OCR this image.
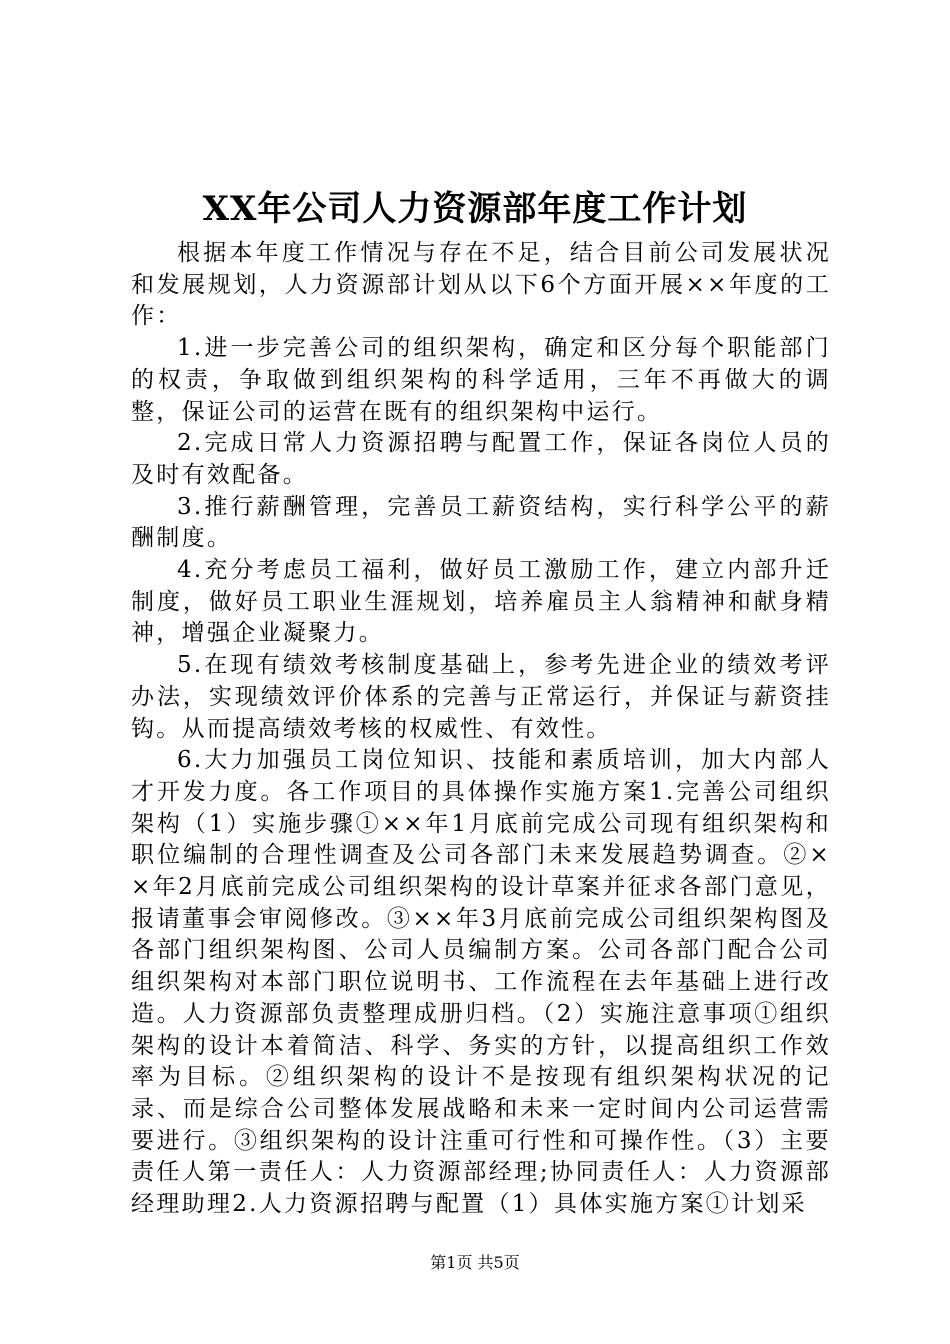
XX年公司人力资源部年度工作计划

根据本年度工作情况与存在不足，结合目前公司发展状况和发展规划，人力资源部计划从以下6个方面开展××年度的工作：

1.进一步完善公司的组织架构，确定和区分每个职能部门的权责，争取做到组织架构的科学适用，三年不再做大的调整，保证公司的运营在既有的组织架构中运行。

2.完成日常人力资源招聘与配置工作，保证各岗位人员的及时有效配备。

3.推行薪酬管理，完善员工薪资结构，实行科学公平的薪酬制度。

4.充分考虑员工福利，做好员工激励工作，建立内部升迁制度，做好员工职业生涯规划，培养雇员主人翁精神和献身精神，增强企业凝聚力。

5.在现有绩效考核制度基础上，参考先进企业的绩效考评办法，实现绩效评价体系的完善与正常运行，并保证与薪资挂钩。从而提高绩效考核的权威性、有效性。

6.大力加强员工岗位知识、技能和素质培训，加大内部人才开发力度。各工作项目的具体操作实施方案1.完善公司组织架构（1）实施步骤①××年1月底前完成公司现有组织架构和职位编制的合理性调查及公司各部门未来发展趋势调查。②××年2月底前完成公司组织架构的设计草案并征求各部门意见，报请董事会审阅修改。③××年3月底前完成公司组织架构图及各部门组织架构图、公司人员编制方案。公司各部门配合公司组织架构对本部门职位说明书、工作流程在去年基础上进行改造。人力资源部负责整理成册归档。（2）实施注意事项①组织架构的设计本着简洁、科学、务实的方针，以提高组织工作效率为目标。②组织架构的设计不是按现有组织架构状况的记录、而是综合公司整体发展战略和未来一定时间内公司运营需要进行。③组织架构的设计注重可行性和可操作性。（3）主要责任人第一责任人：人力资源部经理;协同责任人：人力资源部经理助理2.人力资源招聘与配置（1）具体实施方案①计划采

第1页 共5页
